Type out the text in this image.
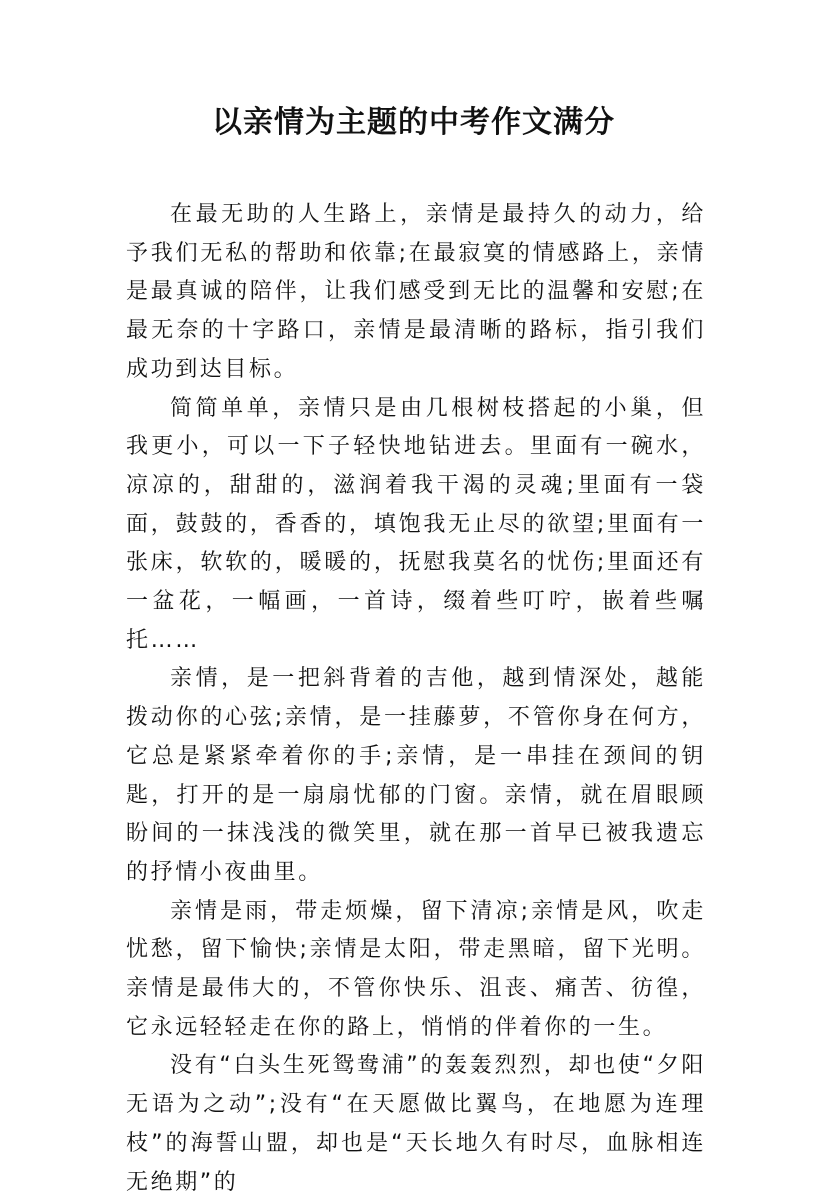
以亲情为主题的中考作文满分

在最无助的人生路上，亲情是最持久的动力，给予我们无私的帮助和依靠;在最寂寞的情感路上，亲情是最真诚的陪伴，让我们感受到无比的温馨和安慰;在最无奈的十字路口，亲情是最清晰的路标，指引我们成功到达目标。

简简单单，亲情只是由几根树枝搭起的小巢，但我更小，可以一下子轻快地钻进去。里面有一碗水，凉凉的，甜甜的，滋润着我干渴的灵魂;里面有一袋面，鼓鼓的，香香的，填饱我无止尽的欲望;里面有一张床，软软的，暖暖的，抚慰我莫名的忧伤;里面还有一盆花，一幅画，一首诗，缀着些叮咛，嵌着些嘱托……

亲情，是一把斜背着的吉他，越到情深处，越能拨动你的心弦;亲情，是一挂藤萝，不管你身在何方，它总是紧紧牵着你的手;亲情，是一串挂在颈间的钥匙，打开的是一扇扇忧郁的门窗。亲情，就在眉眼顾盼间的一抹浅浅的微笑里，就在那一首早已被我遗忘的抒情小夜曲里。

亲情是雨，带走烦燥，留下清凉;亲情是风，吹走忧愁，留下愉快;亲情是太阳，带走黑暗，留下光明。亲情是最伟大的，不管你快乐、沮丧、痛苦、彷徨，它永远轻轻走在你的路上，悄悄的伴着你的一生。

没有“白头生死鸳鸯浦”的轰轰烈烈，却也使“夕阳无语为之动”;没有“在天愿做比翼鸟，在地愿为连理枝”的海誓山盟，却也是“天长地久有时尽，血脉相连无绝期”的
